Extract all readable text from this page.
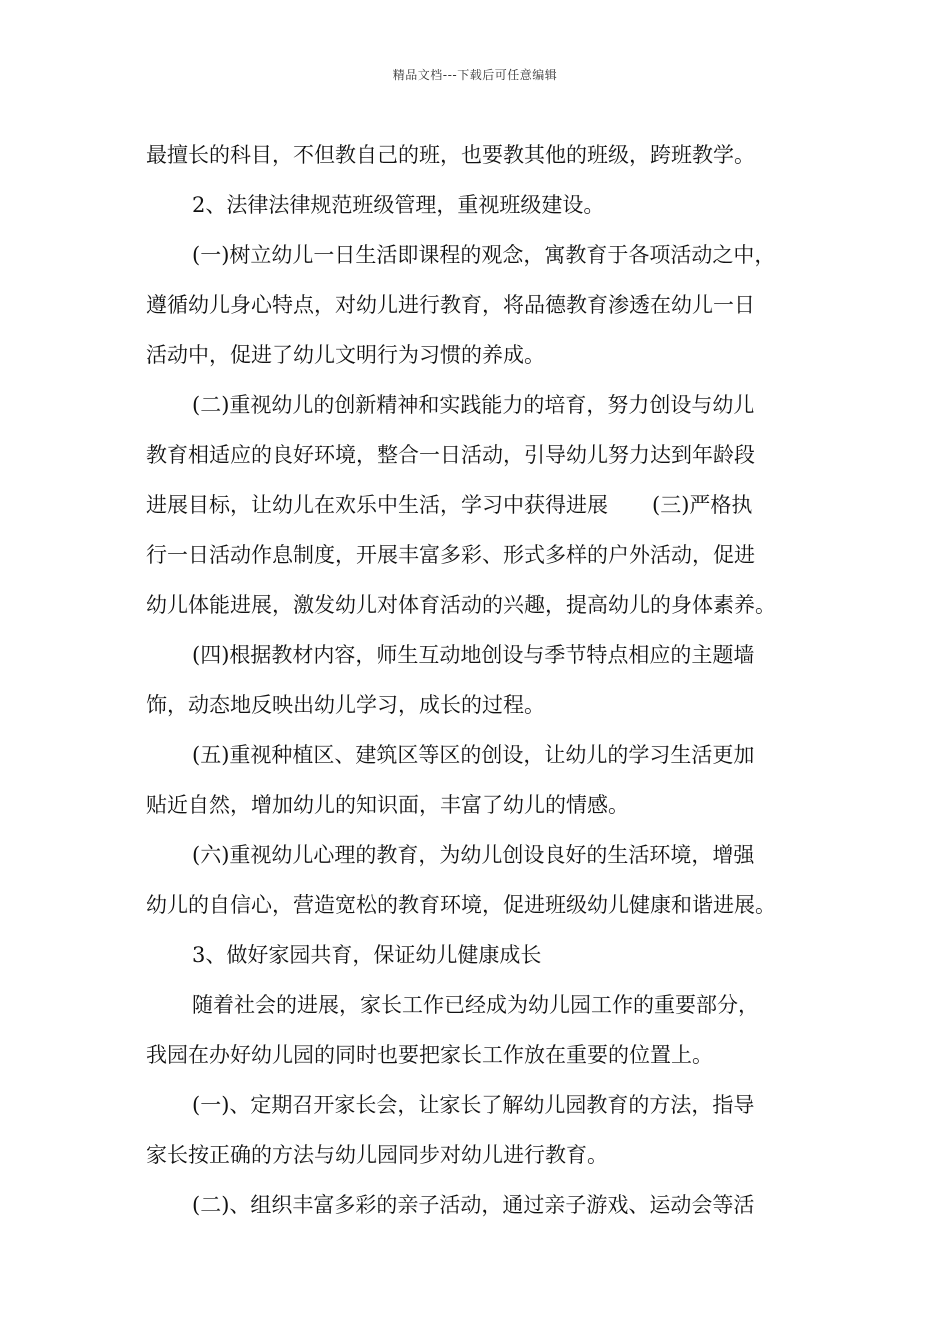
精品文档---下载后可任意编辑
最擅长的科目，不但教自己的班，也要教其他的班级，跨班教学。
2、法律法律规范班级管理，重视班级建设。
(一)树立幼儿一日生活即课程的观念，寓教育于各项活动之中，
遵循幼儿身心特点，对幼儿进行教育，将品德教育渗透在幼儿一日
活动中，促进了幼儿文明行为习惯的养成。
(二)重视幼儿的创新精神和实践能力的培育，努力创设与幼儿
教育相适应的良好环境，整合一日活动，引导幼儿努力达到年龄段
进展目标，让幼儿在欢乐中生活，学习中获得进展 (三)严格执
行一日活动作息制度，开展丰富多彩、形式多样的户外活动，促进
幼儿体能进展，激发幼儿对体育活动的兴趣，提高幼儿的身体素养。
(四)根据教材内容，师生互动地创设与季节特点相应的主题墙
饰，动态地反映出幼儿学习，成长的过程。
(五)重视种植区、建筑区等区的创设，让幼儿的学习生活更加
贴近自然，增加幼儿的知识面，丰富了幼儿的情感。
(六)重视幼儿心理的教育，为幼儿创设良好的生活环境，增强
幼儿的自信心，营造宽松的教育环境，促进班级幼儿健康和谐进展。
3、做好家园共育，保证幼儿健康成长
随着社会的进展，家长工作已经成为幼儿园工作的重要部分，
我园在办好幼儿园的同时也要把家长工作放在重要的位置上。
(一)、定期召开家长会，让家长了解幼儿园教育的方法，指导
家长按正确的方法与幼儿园同步对幼儿进行教育。
(二)、组织丰富多彩的亲子活动，通过亲子游戏、运动会等活
